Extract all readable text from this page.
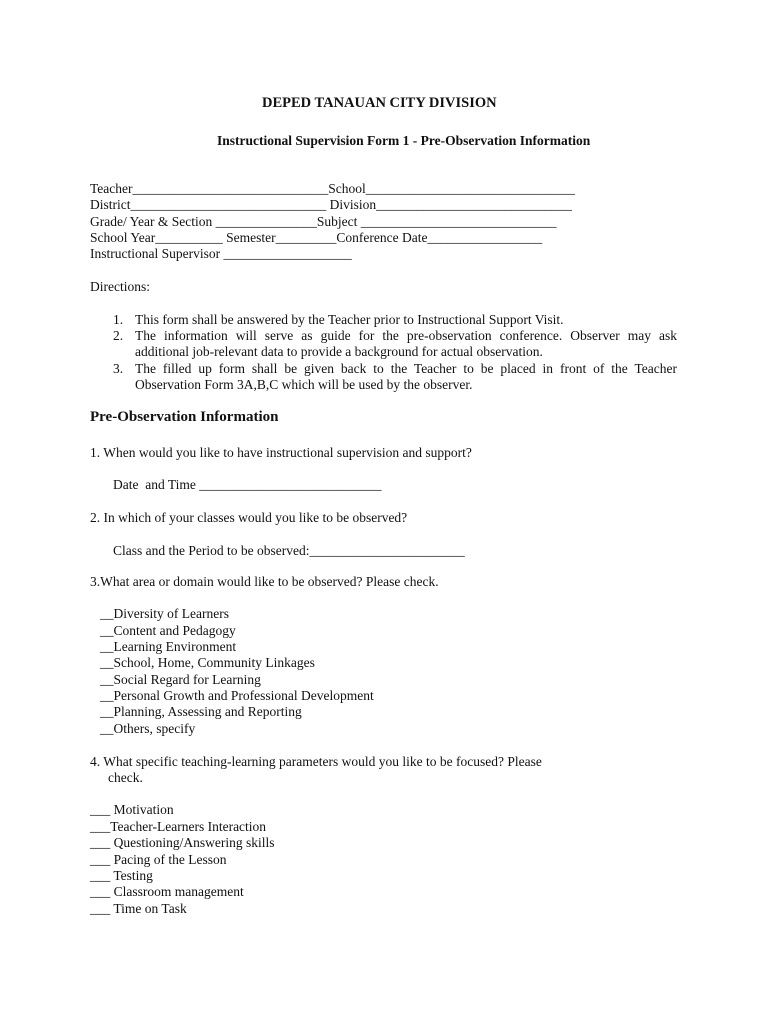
DEPED TANAUAN CITY DIVISION
Instructional Supervision Form 1 - Pre-Observation Information
Teacher_____________________________School_______________________________
District_____________________________ Division_____________________________
Grade/ Year & Section _______________Subject _____________________________
School Year__________ Semester_________Conference Date_________________
Instructional Supervisor ___________________
Directions:
1. This form shall be answered by the Teacher prior to Instructional Support Visit.
2. The information will serve as guide for the pre-observation conference. Observer may ask
additional job-relevant data to provide a background for actual observation.
3. The filled up form shall be given back to the Teacher to be placed in front of the Teacher
Observation Form 3A,B,C which will be used by the observer.
Pre-Observation Information
1. When would you like to have instructional supervision and support?
Date  and Time ___________________________
2. In which of your classes would you like to be observed?
Class and the Period to be observed:_______________________
3.What area or domain would like to be observed? Please check.
__Diversity of Learners
__Content and Pedagogy
__Learning Environment
__School, Home, Community Linkages
__Social Regard for Learning
__Personal Growth and Professional Development
__Planning, Assessing and Reporting
__Others, specify
4. What specific teaching-learning parameters would you like to be focused? Please
check.
___ Motivation
___Teacher-Learners Interaction
___ Questioning/Answering skills
___ Pacing of the Lesson
___ Testing
___ Classroom management
___ Time on Task
